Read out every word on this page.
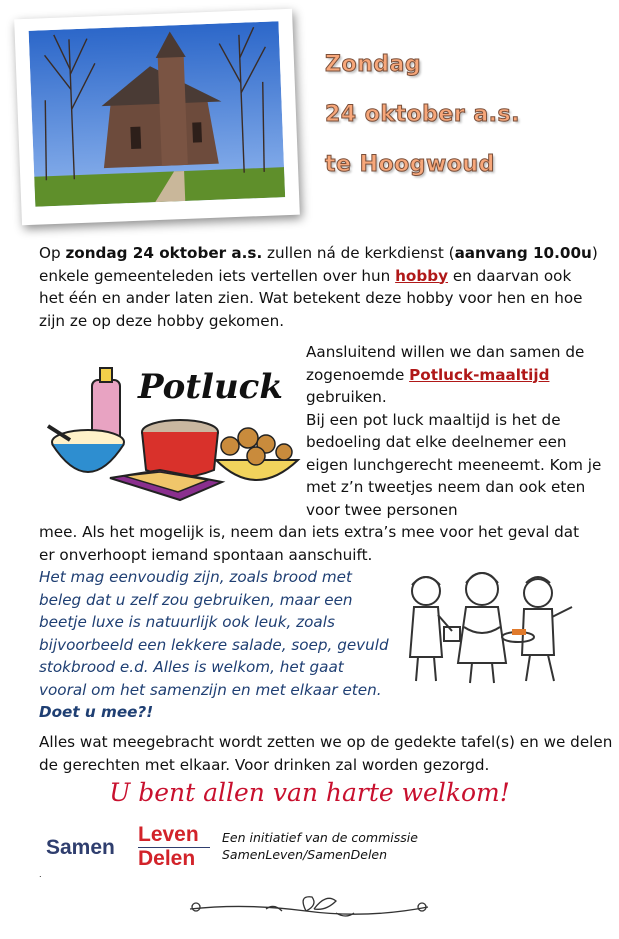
Zondag
24 oktober a.s.
te Hoogwoud

Op zondag 24 oktober a.s. zullen ná de kerkdienst (aanvang 10.00u) enkele gemeenteleden iets vertellen over hun hobby en daarvan ook het één en ander laten zien. Wat betekent deze hobby voor hen en hoe zijn ze op deze hobby gekomen.

Potluck

Aansluitend willen we dan samen de zogenoemde Potluck-maaltijd gebruiken.
Bij een pot luck maaltijd is het de bedoeling dat elke deelnemer een eigen lunchgerecht meeneemt. Kom je met z’n tweetjes neem dan ook eten voor twee personen

mee. Als het mogelijk is, neem dan iets extra’s mee voor het geval dat er onverhoopt iemand spontaan aanschuift.

Het mag eenvoudig zijn, zoals brood met beleg dat u zelf zou gebruiken, maar een beetje luxe is natuurlijk ook leuk, zoals bijvoorbeeld een lekkere salade, soep, gevuld stokbrood e.d. Alles is welkom, het gaat vooral om het samenzijn en met elkaar eten. Doet u mee?!

Alles wat meegebracht wordt zetten we op de gedekte tafel(s) en we delen de gerechten met elkaar. Voor drinken zal worden gezorgd.

U bent allen van harte welkom!
Samen
Leven
Delen
Een initiatief van de commissie
SamenLeven/SamenDelen
.
